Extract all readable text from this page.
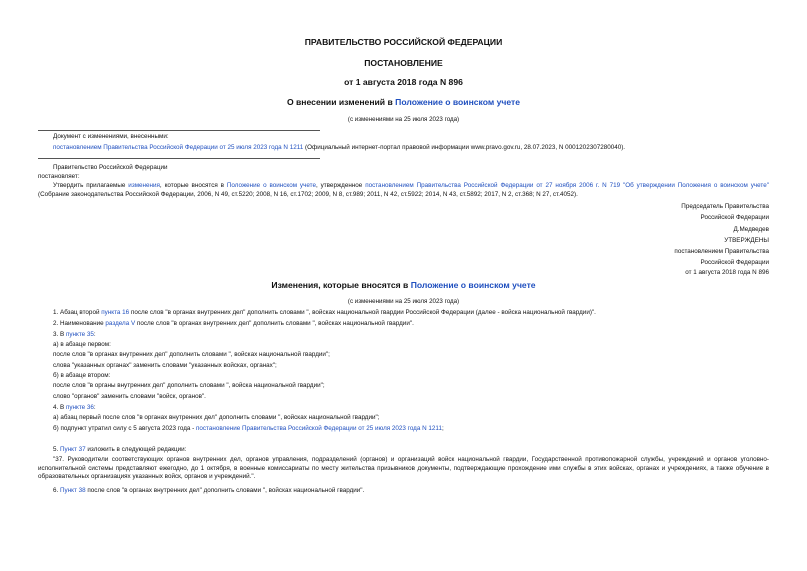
ПРАВИТЕЛЬСТВО РОССИЙСКОЙ ФЕДЕРАЦИИ
ПОСТАНОВЛЕНИЕ
от 1 августа 2018 года N 896
О внесении изменений в Положение о воинском учете
(с изменениями на 25 июля 2023 года)
Документ с изменениями, внесенными:
постановлением Правительства Российской Федерации от 25 июля 2023 года N 1211 (Официальный интернет-портал правовой информации www.pravo.gov.ru, 28.07.2023, N 0001202307280040).
Правительство Российской Федерации
постановляет:
Утвердить прилагаемые изменения, которые вносятся в Положение о воинском учете, утвержденное постановлением Правительства Российской Федерации от 27 ноября 2006 г. N 719 "Об утверждении Положения о воинском учете" (Собрание законодательства Российской Федерации, 2006, N 49, ст.5220; 2008, N 16, ст.1702; 2009, N 8, ст.989; 2011, N 42, ст.5922; 2014, N 43, ст.5892; 2017, N 2, ст.368; N 27, ст.4052).
Председатель Правительства
Российской Федерации
Д.Медведев
УТВЕРЖДЕНЫ
постановлением Правительства
Российской Федерации
от 1 августа 2018 года N 896
Изменения, которые вносятся в Положение о воинском учете
(с изменениями на 25 июля 2023 года)
1. Абзац второй пункта 16 после слов "в органах внутренних дел" дополнить словами ", войсках национальной гвардии Российской Федерации (далее - войска национальной гвардии)".
2. Наименование раздела V после слов "в органах внутренних дел" дополнить словами ", войсках национальной гвардии".
3. В пункте 35:
а) в абзаце первом:
после слов "в органах внутренних дел" дополнить словами ", войсках национальной гвардии";
слова "указанных органах" заменить словами "указанных войсках, органах";
б) в абзаце втором:
после слов "в органы внутренних дел" дополнить словами ", войска национальной гвардии";
слово "органов" заменить словами "войск, органов".
4. В пункте 36:
а) абзац первый после слов "в органах внутренних дел" дополнить словами ", войсках национальной гвардии";
б) подпункт утратил силу с 5 августа 2023 года - постановление Правительства Российской Федерации от 25 июля 2023 года N 1211;
5. Пункт 37 изложить в следующей редакции:
"37. Руководители соответствующих органов внутренних дел, органов управления, подразделений (органов) и организаций войск национальной гвардии, Государственной противопожарной службы, учреждений и органов уголовно-исполнительной системы представляют ежегодно, до 1 октября, в военные комиссариаты по месту жительства призывников документы, подтверждающие прохождение ими службы в этих войсках, органах и учреждениях, а также обучение в образовательных организациях указанных войск, органов и учреждений.".
6. Пункт 38 после слов "в органах внутренних дел" дополнить словами ", войсках национальной гвардии".
